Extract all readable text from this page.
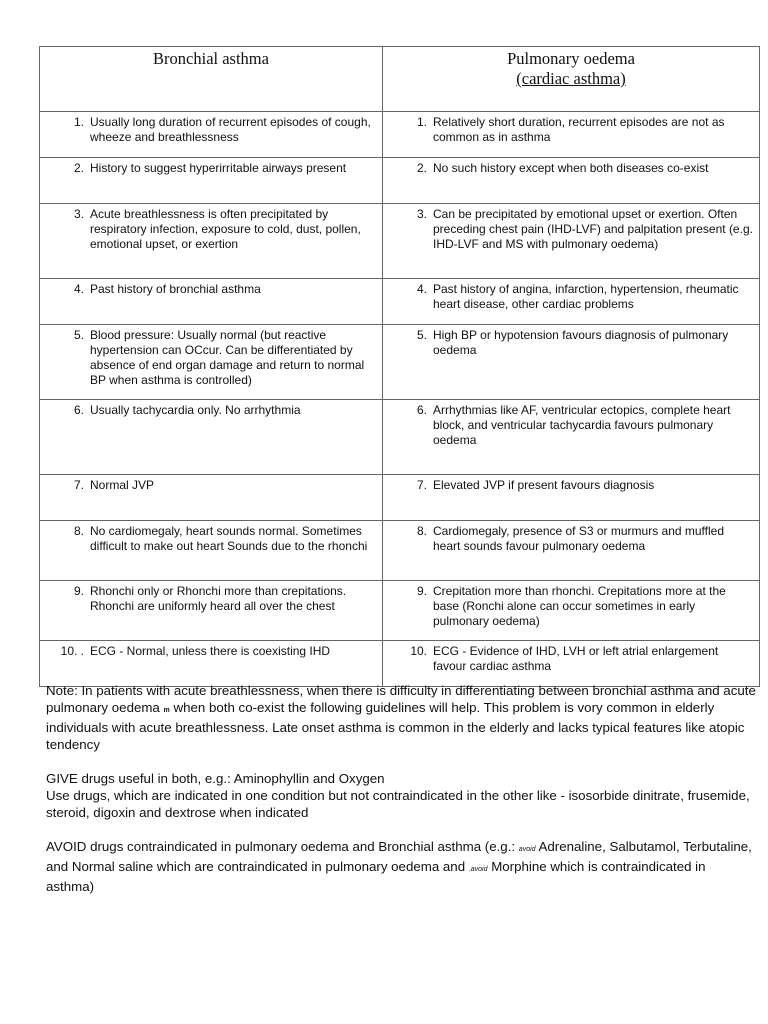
Bronchial asthma	Pulmonary oedema
(cardiac asthma)

1. Usually long duration of recurrent episodes of cough, wheeze and breathlessness	1. Relatively short duration, recurrent episodes are not as common as in asthma

2. History to suggest hyperirritable airways present	2. No such history except when both diseases co-exist

3. Acute breathlessness is often precipitated by respiratory infection, exposure to cold, dust, pollen, emotional upset, or exertion	3. Can be precipitated by emotional upset or exertion. Often preceding chest pain (IHD-LVF) and palpitation present (e.g. IHD-LVF and MS with pulmonary oedema)

4. Past history of bronchial asthma	4. Past history of angina, infarction, hypertension, rheumatic heart disease, other cardiac problems

5. Blood pressure: Usually normal (but reactive hypertension can OCcur. Can be differentiated by absence of end organ damage and return to normal BP when asthma is controlled)	5. High BP or hypotension favours diagnosis of pulmonary oedema

6. Usually tachycardia only. No arrhythmia	6. Arrhythmias like AF, ventricular ectopics, complete heart block, and ventricular tachycardia favours pulmonary oedema

7. Normal JVP	7. Elevated JVP if present favours diagnosis

8. No cardiomegaly, heart sounds normal. Sometimes difficult to make out heart Sounds due to the rhonchi	8. Cardiomegaly, presence of S3 or murmurs and muffled heart sounds favour pulmonary oedema

9. Rhonchi only or Rhonchi more than crepitations. Rhonchi are uniformly heard all over the chest	9. Crepitation more than rhonchi. Crepitations more at the base (Ronchi alone can occur sometimes in early pulmonary oedema)

10. . ECG - Normal, unless there is coexisting IHD	10. ECG - Evidence of IHD, LVH or left atrial enlargement favour cardiac asthma

Note: In patients with acute breathlessness, when there is difficulty in differentiating between bronchial asthma and acute pulmonary oedema m when both co-exist the following guidelines will help. This problem is vory common in elderly individuals with acute breathlessness. Late onset asthma is common in the elderly and lacks typical features like atopic tendency

GIVE drugs useful in both, e.g.: Aminophyllin and Oxygen
Use drugs, which are indicated in one condition but not contraindicated in the other like - isosorbide dinitrate, frusemide, steroid, digoxin and dextrose when indicated

AVOID drugs contraindicated in pulmonary oedema and Bronchial asthma (e.g.: avoid Adrenaline, Salbutamol, Terbutaline, and Normal saline which are contraindicated in pulmonary oedema and .avoid Morphine which is contraindicated in asthma)
